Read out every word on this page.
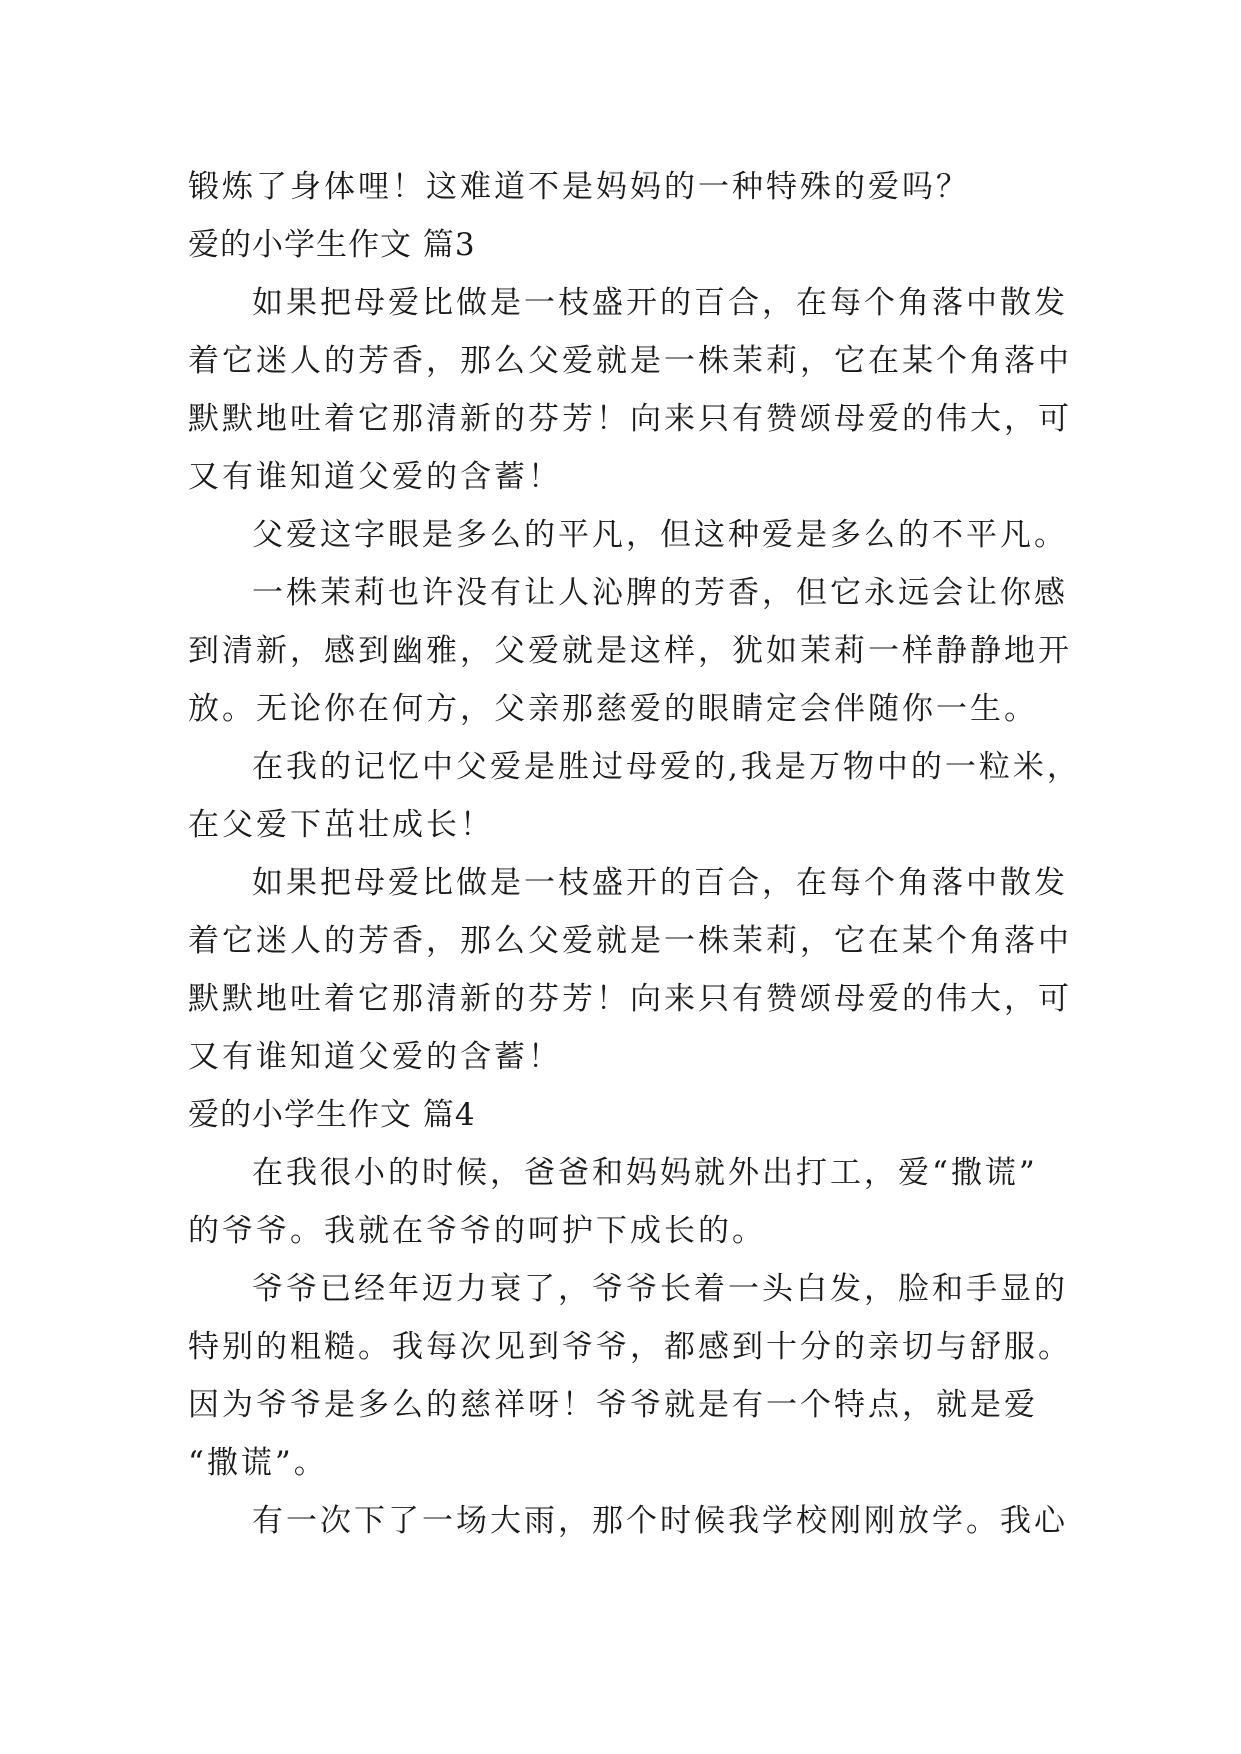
锻炼了身体哩！这难道不是妈妈的一种特殊的爱吗？
爱的小学生作文 篇3
如果把母爱比做是一枝盛开的百合，在每个角落中散发
着它迷人的芳香，那么父爱就是一株茉莉，它在某个角落中
默默地吐着它那清新的芬芳！向来只有赞颂母爱的伟大，可
又有谁知道父爱的含蓄！
父爱这字眼是多么的平凡，但这种爱是多么的不平凡。
一株茉莉也许没有让人沁脾的芳香，但它永远会让你感
到清新，感到幽雅，父爱就是这样，犹如茉莉一样静静地开
放。无论你在何方，父亲那慈爱的眼睛定会伴随你一生。
在我的记忆中父爱是胜过母爱的,我是万物中的一粒米，
在父爱下茁壮成长！
如果把母爱比做是一枝盛开的百合，在每个角落中散发
着它迷人的芳香，那么父爱就是一株茉莉，它在某个角落中
默默地吐着它那清新的芬芳！向来只有赞颂母爱的伟大，可
又有谁知道父爱的含蓄！
爱的小学生作文 篇4
在我很小的时候，爸爸和妈妈就外出打工，爱“撒谎”
的爷爷。我就在爷爷的呵护下成长的。
爷爷已经年迈力衰了，爷爷长着一头白发，脸和手显的
特别的粗糙。我每次见到爷爷，都感到十分的亲切与舒服。
因为爷爷是多么的慈祥呀！爷爷就是有一个特点，就是爱
“撒谎”。
有一次下了一场大雨，那个时候我学校刚刚放学。我心
